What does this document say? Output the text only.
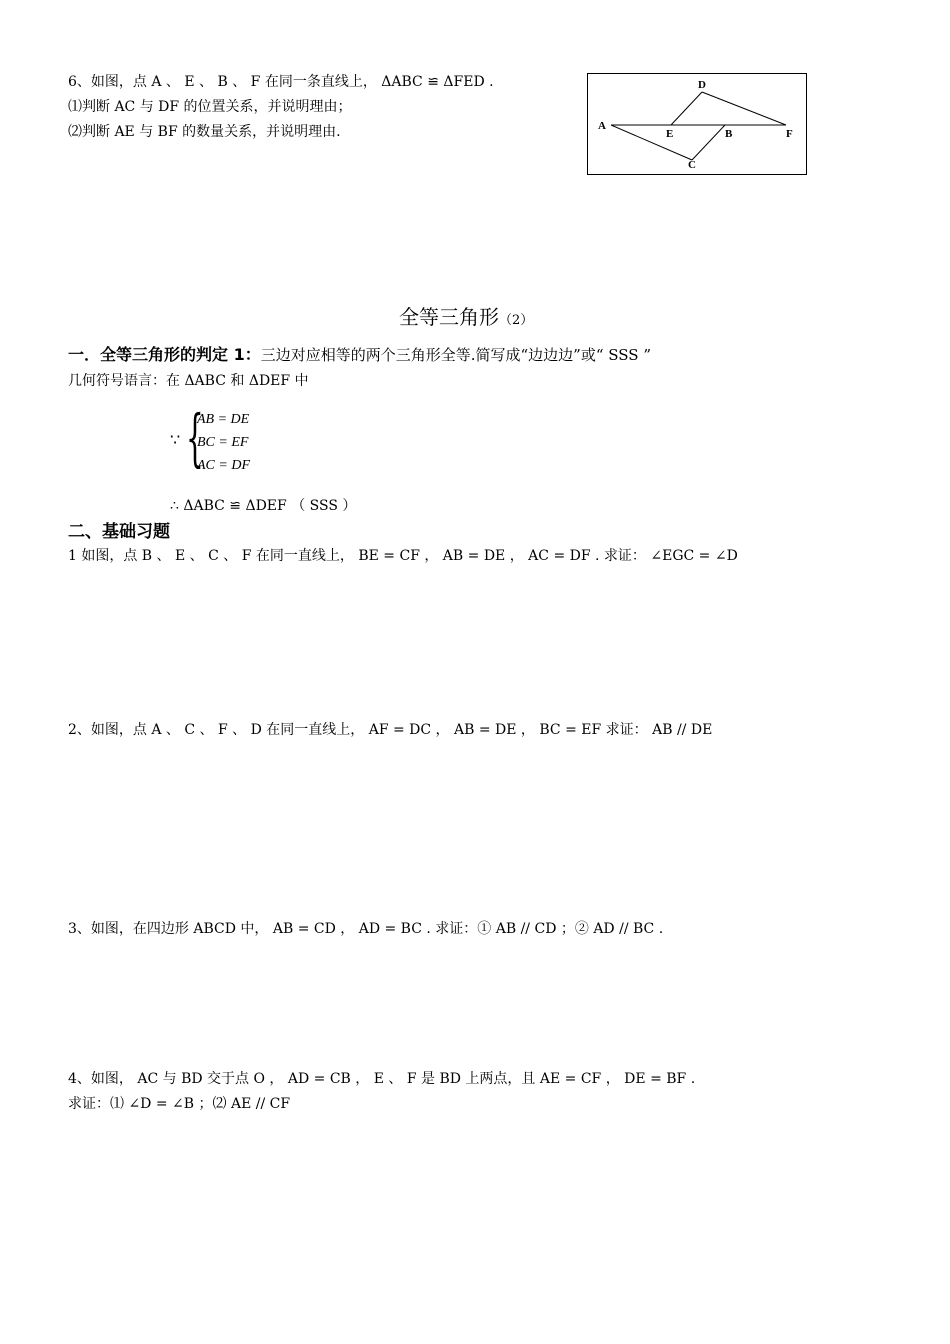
6、如图，点 A 、 E 、 B 、 F 在同一条直线上， ΔABC ≌ ΔFED .
⑴判断 AC 与 DF 的位置关系，并说明理由；
⑵判断 AE 与 BF 的数量关系，并说明理由.	A
E	B	F
D
C
全等三角形（2）
一．全等三角形的判定 1：三边对应相等的两个三角形全等.简写成“边边边”或“ SSS ”
几何符号语言：在 ΔABC 和 ΔDEF 中
∵ {
AB = DE
BC = EF
AC = DF
∴ ΔABC ≌ ΔDEF （ SSS ）
二、基础习题
1 如图，点 B 、 E 、 C 、 F 在同一直线上， BE = CF ， AB = DE ， AC = DF . 求证： ∠EGC = ∠D
2、如图，点 A 、 C 、 F 、 D 在同一直线上， AF = DC ， AB = DE ， BC = EF 求证： AB // DE
3、如图，在四边形 ABCD 中， AB = CD ， AD = BC . 求证：① AB // CD ；② AD // BC .
4、如图， AC 与 BD 交于点 O ， AD = CB ， E 、 F 是 BD 上两点，且 AE = CF ， DE = BF .
求证：⑴ ∠D = ∠B ；⑵ AE // CF
